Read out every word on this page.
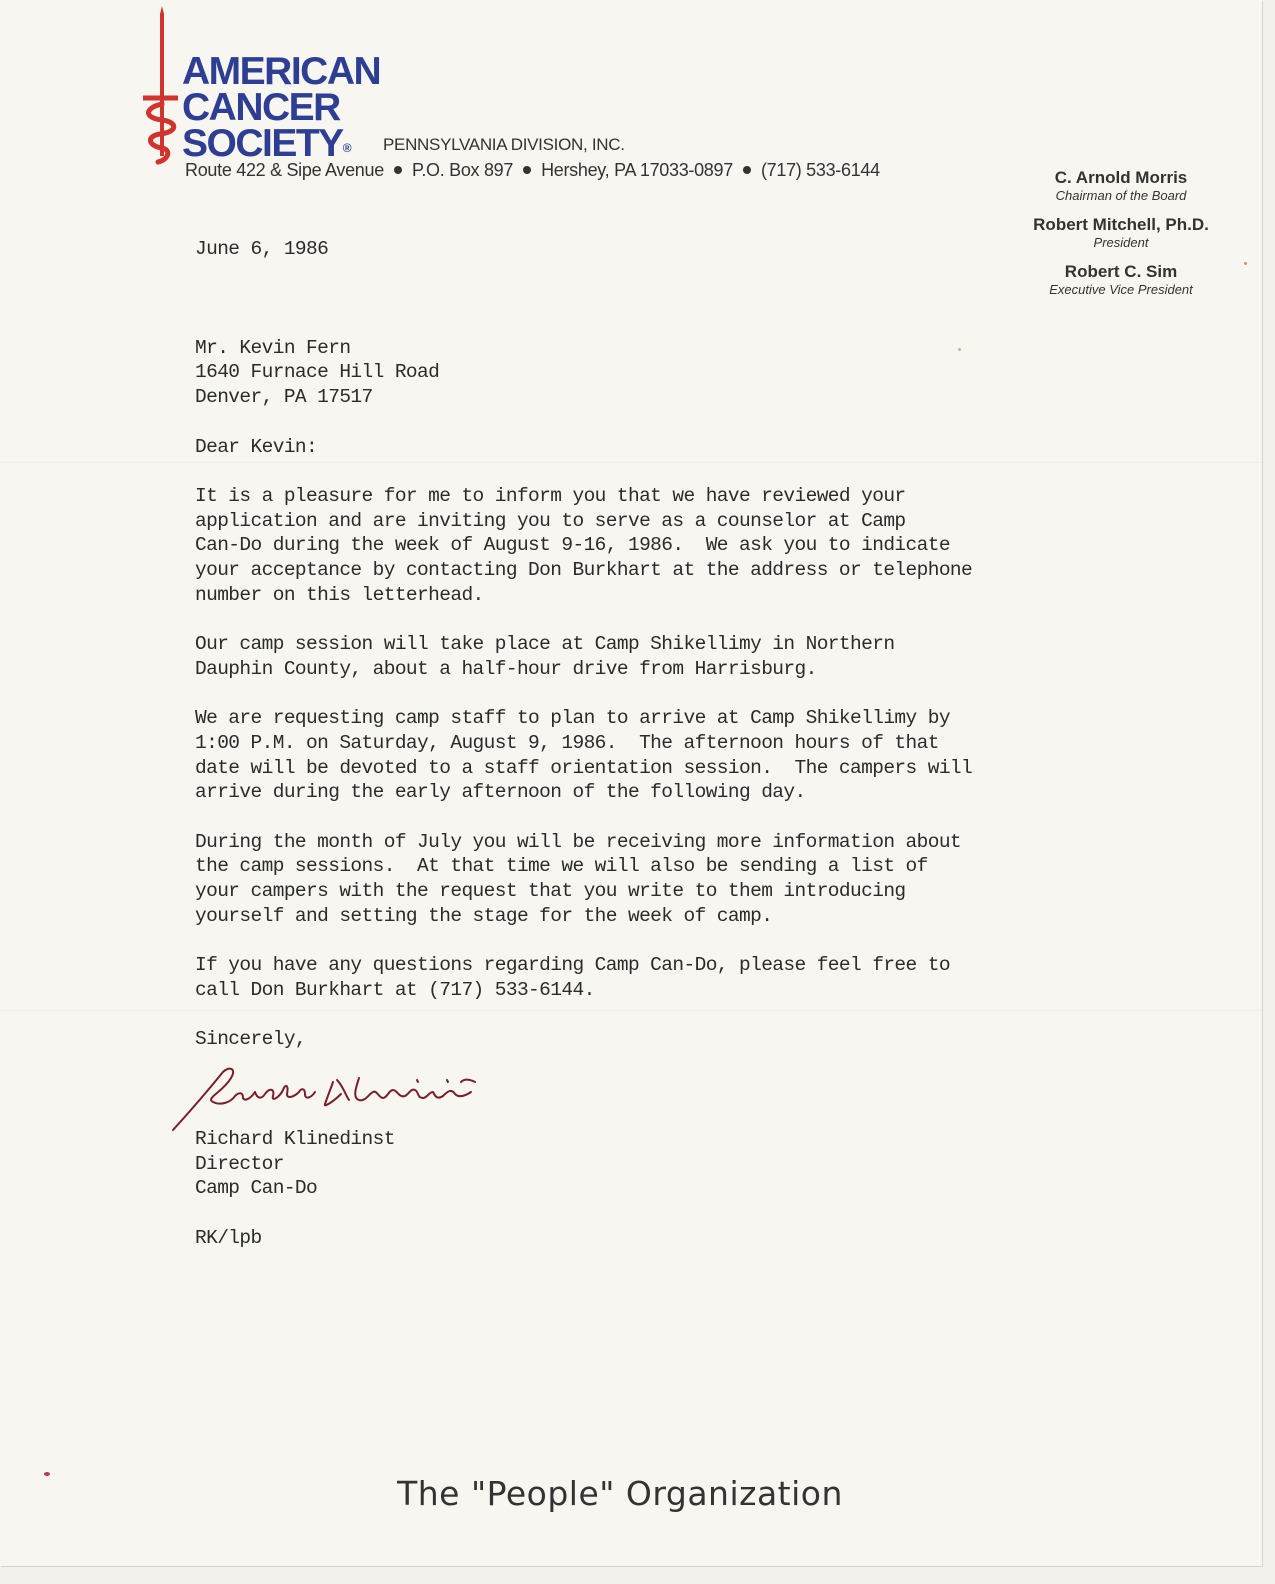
AMERICAN
CANCER
SOCIETY®	PENNSYLVANIA DIVISION, INC.
Route 422 & Sipe Avenue P.O. Box 897 Hershey, PA 17033-0897 (717) 533-6144	C. Arnold Morris
Chairman of the Board
Robert Mitchell, Ph.D.
President
Robert C. Sim
Executive Vice President

June 6, 1986

Mr. Kevin Fern

1640 Furnace Hill Road

Denver, PA 17517

Dear Kevin:

It is a pleasure for me to inform you that we have reviewed your

application and are inviting you to serve as a counselor at Camp

Can-Do during the week of August 9-16, 1986.  We ask you to indicate

your acceptance by contacting Don Burkhart at the address or telephone

number on this letterhead.

Our camp session will take place at Camp Shikellimy in Northern

Dauphin County, about a half-hour drive from Harrisburg.

We are requesting camp staff to plan to arrive at Camp Shikellimy by

1:00 P.M. on Saturday, August 9, 1986.  The afternoon hours of that

date will be devoted to a staff orientation session.  The campers will

arrive during the early afternoon of the following day.

During the month of July you will be receiving more information about

the camp sessions.  At that time we will also be sending a list of

your campers with the request that you write to them introducing

yourself and setting the stage for the week of camp.

If you have any questions regarding Camp Can-Do, please feel free to

call Don Burkhart at (717) 533-6144.

Sincerely,

Richard Klinedinst

Director

Camp Can-Do

RK/lpb

The "People" Organization
